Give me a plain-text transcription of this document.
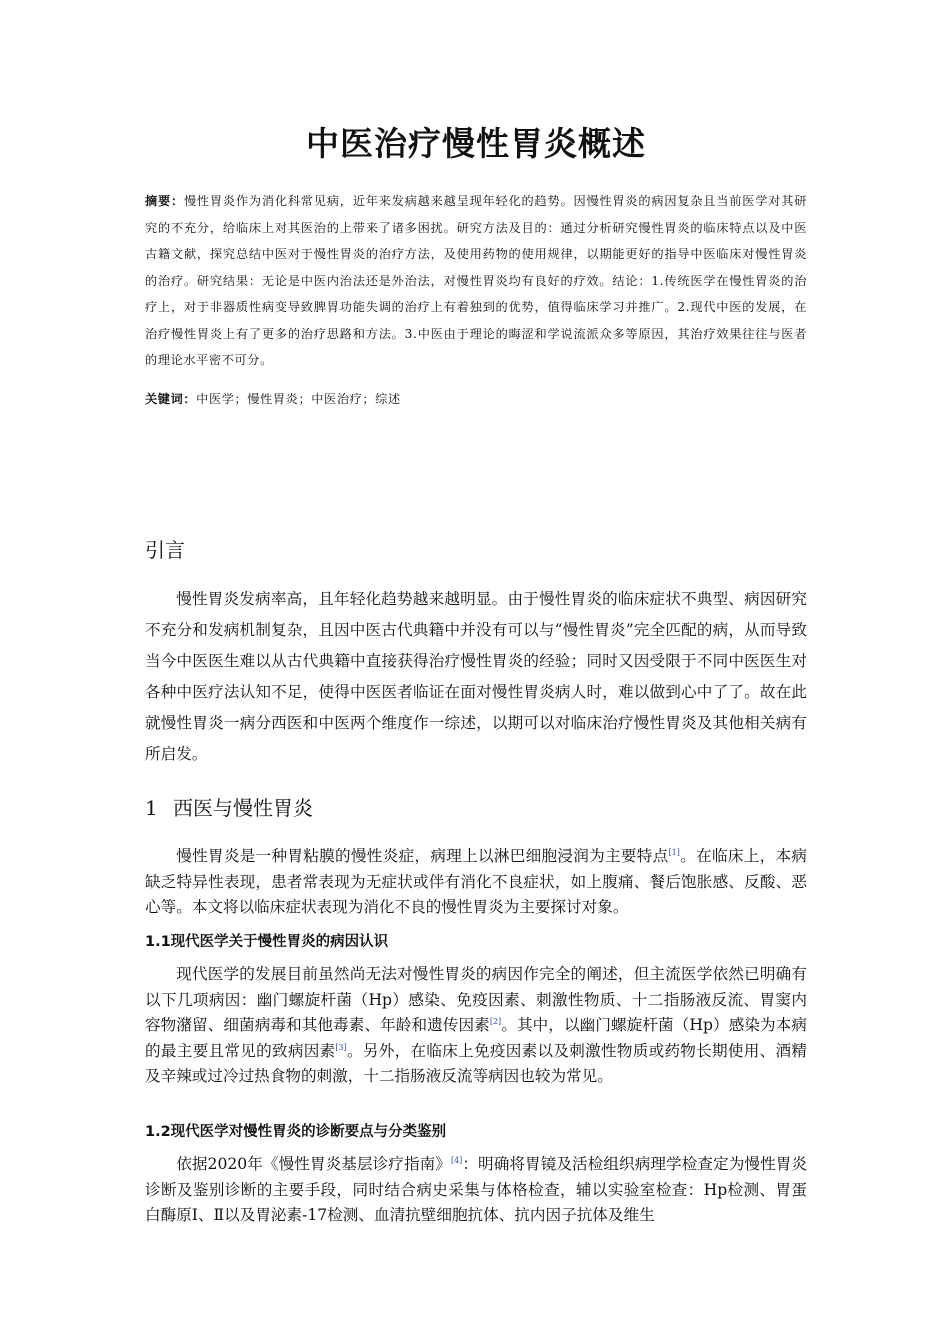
中医治疗慢性胃炎概述

摘要：慢性胃炎作为消化科常见病，近年来发病越来越呈现年轻化的趋势。因慢性胃炎的病因复杂且当前医学对其研究的不充分，给临床上对其医治的上带来了诸多困扰。研究方法及目的：通过分析研究慢性胃炎的临床特点以及中医古籍文献，探究总结中医对于慢性胃炎的治疗方法，及使用药物的使用规律，以期能更好的指导中医临床对慢性胃炎的治疗。研究结果：无论是中医内治法还是外治法，对慢性胃炎均有良好的疗效。结论：1.传统医学在慢性胃炎的治疗上，对于非器质性病变导致脾胃功能失调的治疗上有着独到的优势，值得临床学习并推广。2.现代中医的发展，在治疗慢性胃炎上有了更多的治疗思路和方法。3.中医由于理论的晦涩和学说流派众多等原因，其治疗效果往往与医者的理论水平密不可分。

关键词：中医学；慢性胃炎；中医治疗；综述

引言

慢性胃炎发病率高，且年轻化趋势越来越明显。由于慢性胃炎的临床症状不典型、病因研究不充分和发病机制复杂，且因中医古代典籍中并没有可以与“慢性胃炎”完全匹配的病，从而导致当今中医医生难以从古代典籍中直接获得治疗慢性胃炎的经验；同时又因受限于不同中医医生对各种中医疗法认知不足，使得中医医者临证在面对慢性胃炎病人时，难以做到心中了了。故在此就慢性胃炎一病分西医和中医两个维度作一综述，以期可以对临床治疗慢性胃炎及其他相关病有所启发。

1 西医与慢性胃炎

慢性胃炎是一种胃粘膜的慢性炎症，病理上以淋巴细胞浸润为主要特点[1]。在临床上，本病缺乏特异性表现，患者常表现为无症状或伴有消化不良症状，如上腹痛、餐后饱胀感、反酸、恶心等。本文将以临床症状表现为消化不良的慢性胃炎为主要探讨对象。

1.1现代医学关于慢性胃炎的病因认识

现代医学的发展目前虽然尚无法对慢性胃炎的病因作完全的阐述，但主流医学依然已明确有以下几项病因：幽门螺旋杆菌（Hp）感染、免疫因素、刺激性物质、十二指肠液反流、胃窦内容物潴留、细菌病毒和其他毒素、年龄和遗传因素[2]。其中，以幽门螺旋杆菌（Hp）感染为本病的最主要且常见的致病因素[3]。另外，在临床上免疫因素以及刺激性物质或药物长期使用、酒精及辛辣或过冷过热食物的刺激，十二指肠液反流等病因也较为常见。

1.2现代医学对慢性胃炎的诊断要点与分类鉴别

依据2020年《慢性胃炎基层诊疗指南》[4]：明确将胃镜及活检组织病理学检查定为慢性胃炎诊断及鉴别诊断的主要手段，同时结合病史采集与体格检查，辅以实验室检查：Hp检测、胃蛋白酶原Ⅰ、Ⅱ以及胃泌素-17检测、血清抗壁细胞抗体、抗内因子抗体及维生
